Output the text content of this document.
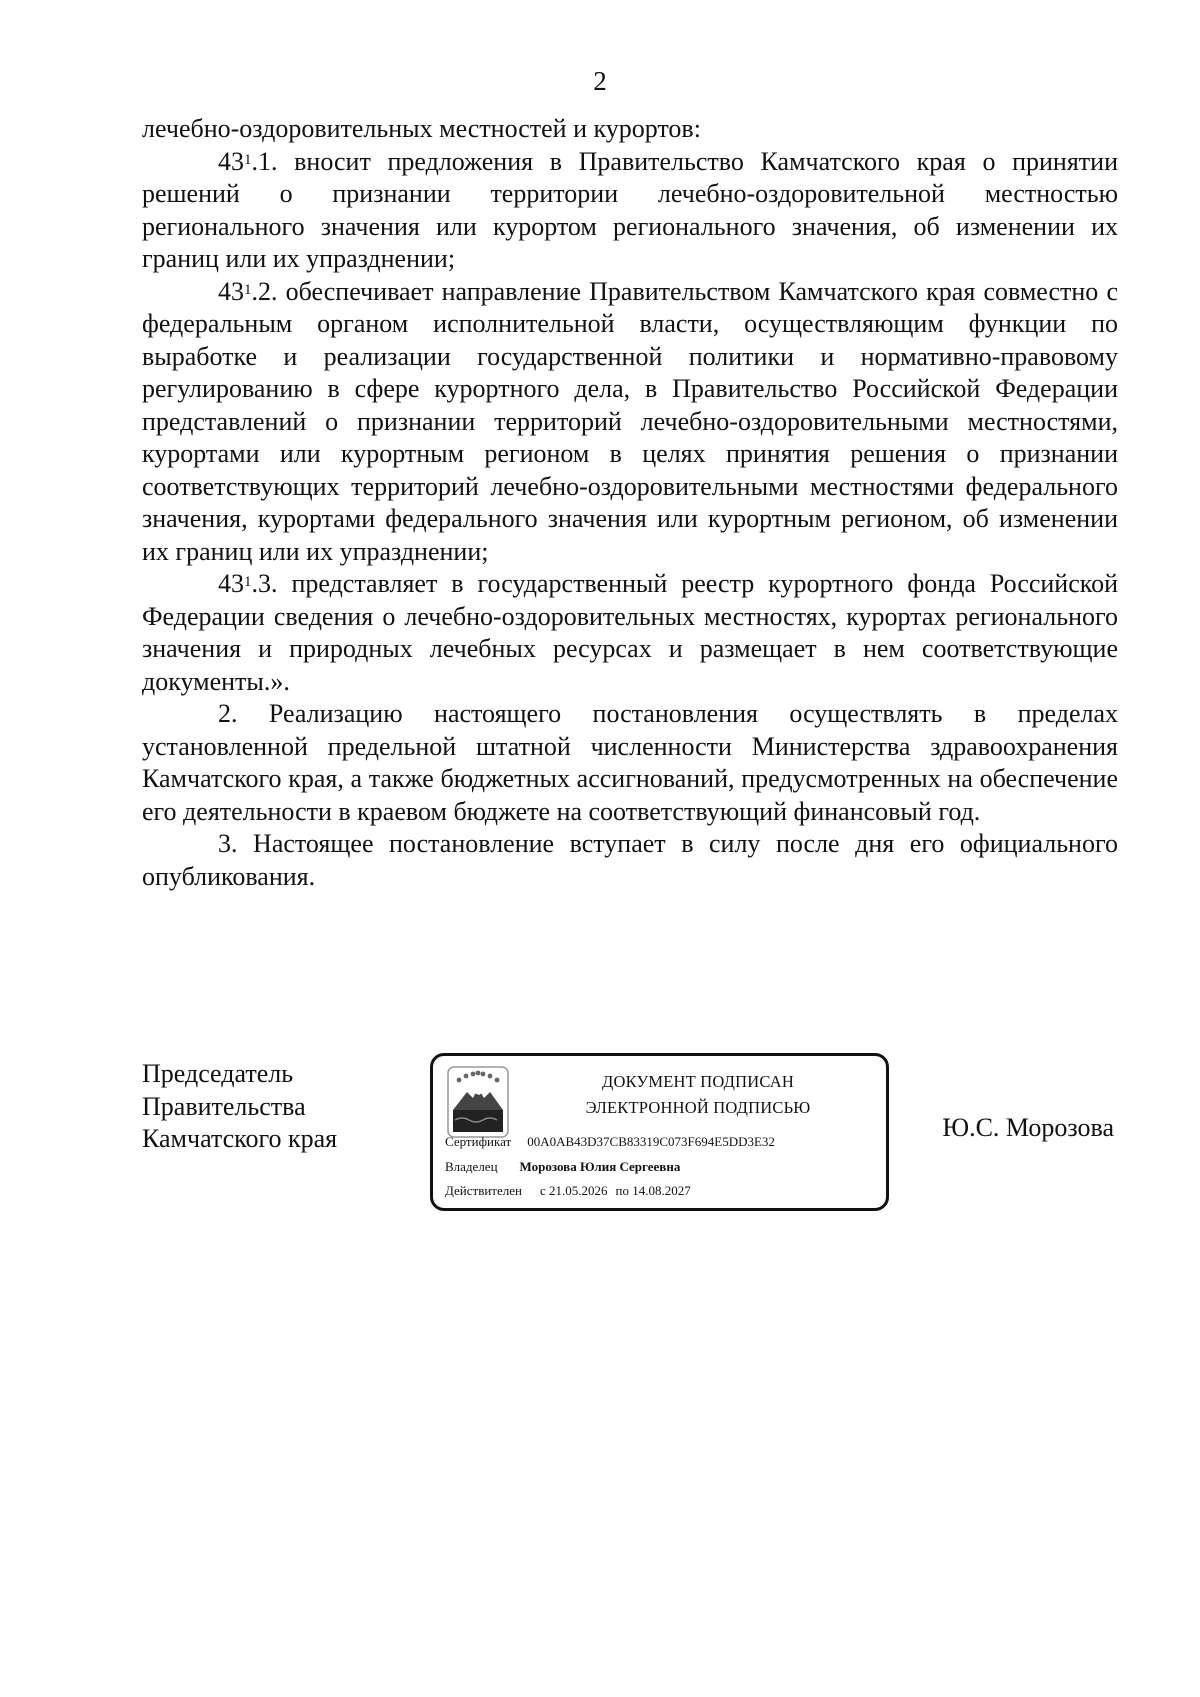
2

лечебно-оздоровительных местностей и курортов:

$43^1.1$. вносит предложения в Правительство Камчатского края о принятии решений о признании территории лечебно-оздоровительной местностью регионального значения или курортом регионального значения, об изменении их границ или их упразднении;

$43^1.2$. обеспечивает направление Правительством Камчатского края совместно с федеральным органом исполнительной власти, осуществляющим функции по выработке и реализации государственной политики и нормативно-правовому регулированию в сфере курортного дела, в Правительство Российской Федерации представлений о признании территорий лечебно-оздоровительными местностями, курортами или курортным регионом в целях принятия решения о признании соответствующих территорий лечебно-оздоровительными местностями федерального значения, курортами федерального значения или курортным регионом, об изменении их границ или их упразднении;

$43^1.3$. представляет в государственный реестр курортного фонда Российской Федерации сведения о лечебно-оздоровительных местностях, курортах регионального значения и природных лечебных ресурсах и размещает в нем соответствующие документы.».

2. Реализацию настоящего постановления осуществлять в пределах установленной предельной штатной численности Министерства здравоохранения Камчатского края, а также бюджетных ассигнований, предусмотренных на обеспечение его деятельности в краевом бюджете на соответствующий финансовый год.

3. Настоящее постановление вступает в силу после дня его официального опубликования.

Председатель
Правительства
Камчатского края
ДОКУМЕНТ ПОДПИСАН
ЭЛЕКТРОННОЙ ПОДПИСЬЮ
Сертификат 00A0AB43D37CB83319C073F694E5DD3E32
Владелец Морозова Юлия Сергеевна
Действителен с 21.05.2026 по 14.08.2027
Ю.С. Морозова
